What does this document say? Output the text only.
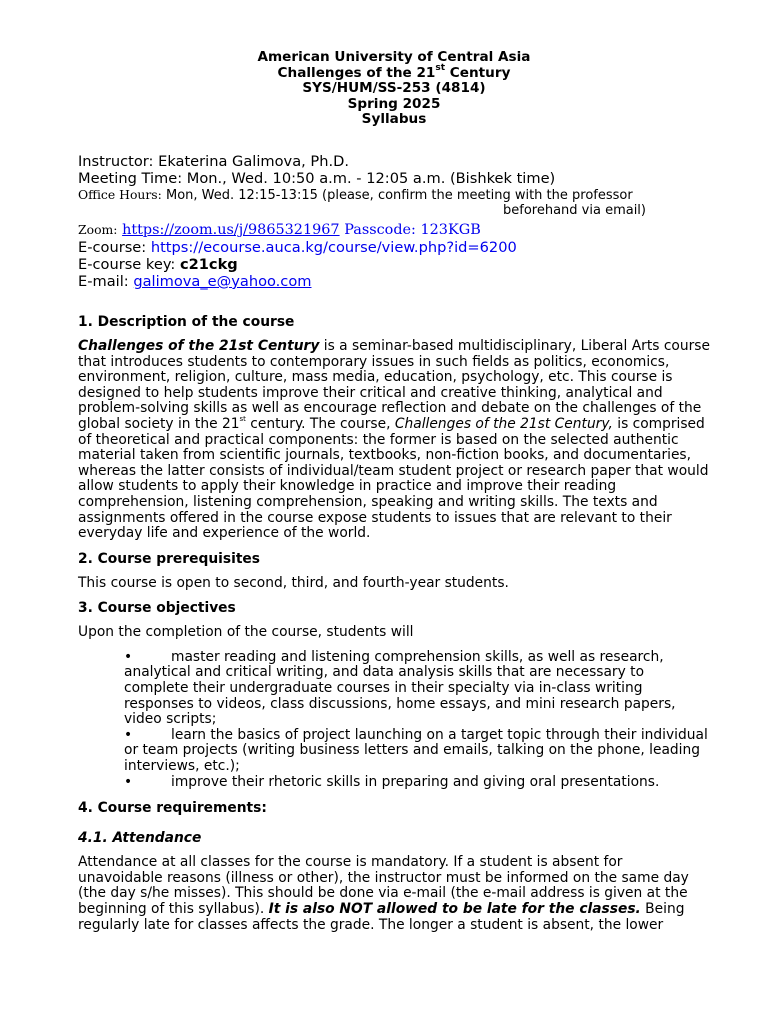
American University of Central Asia
Challenges of the 21st Century
SYS/HUM/SS-253 (4814)
Spring 2025
Syllabus
Instructor: Ekaterina Galimova, Ph.D.
Meeting Time: Mon., Wed. 10:50 a.m. - 12:05 a.m. (Bishkek time)
Office Hours: Mon, Wed. 12:15-13:15 (please, confirm the meeting with the professor
beforehand via email)
Zoom: https://zoom.us/j/9865321967 Passcode: 123KGB
E-course: https://ecourse.auca.kg/course/view.php?id=6200
E-course key: c21ckg
E-mail: galimova_e@yahoo.com
1. Description of the course
Challenges of the 21st Century is a seminar-based multidisciplinary, Liberal Arts course that introduces students to contemporary issues in such fields as politics, economics, environment, religion, culture, mass media, education, psychology, etc. This course is designed to help students improve their critical and creative thinking, analytical and problem-solving skills as well as encourage reflection and debate on the challenges of the global society in the 21st century. The course, Challenges of the 21st Century, is comprised of theoretical and practical components: the former is based on the selected authentic material taken from scientific journals, textbooks, non-fiction books, and documentaries, whereas the latter consists of individual/team student project or research paper that would allow students to apply their knowledge in practice and improve their reading comprehension, listening comprehension, speaking and writing skills. The texts and assignments offered in the course expose students to issues that are relevant to their everyday life and experience of the world.
2. Course prerequisites
This course is open to second, third, and fourth-year students.
3. Course objectives
Upon the completion of the course, students will
•	master reading and listening comprehension skills, as well as research, analytical and critical writing, and data analysis skills that are necessary to complete their undergraduate courses in their specialty via in-class writing responses to videos, class discussions, home essays, and mini research papers, video scripts;
•	learn the basics of project launching on a target topic through their individual or team projects (writing business letters and emails, talking on the phone, leading interviews, etc.);
•	improve their rhetoric skills in preparing and giving oral presentations.
4. Course requirements:
4.1. Attendance
Attendance at all classes for the course is mandatory. If a student is absent for unavoidable reasons (illness or other), the instructor must be informed on the same day (the day s/he misses). This should be done via e-mail (the e-mail address is given at the beginning of this syllabus). It is also NOT allowed to be late for the classes. Being regularly late for classes affects the grade. The longer a student is absent, the lower
